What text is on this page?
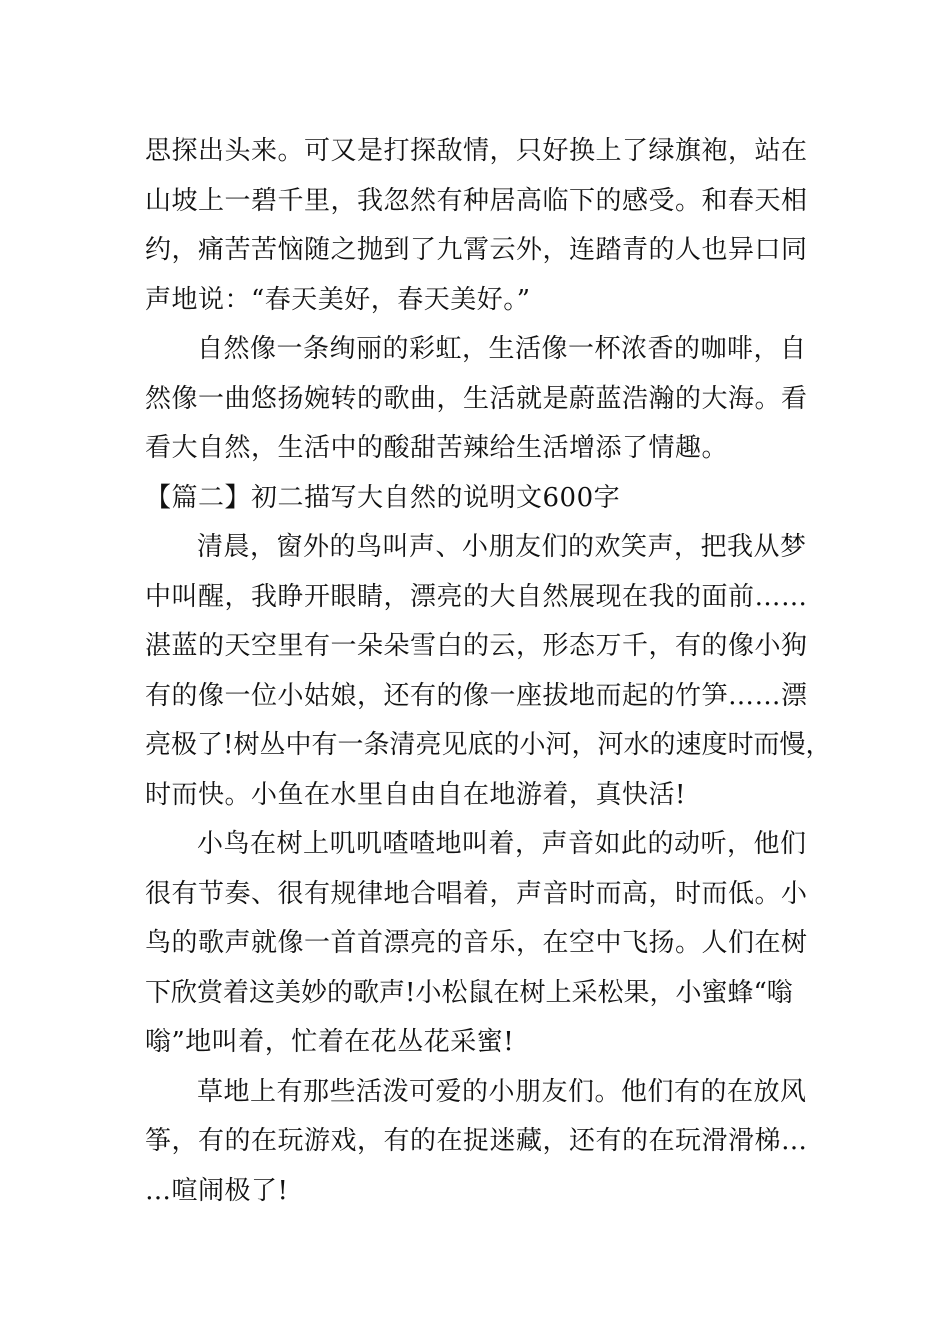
思探出头来。可又是打探敌情，只好换上了绿旗袍，站在
山坡上一碧千里，我忽然有种居高临下的感受。和春天相
约，痛苦苦恼随之抛到了九霄云外，连踏青的人也异口同
声地说：“春天美好，春天美好。”
自然像一条绚丽的彩虹，生活像一杯浓香的咖啡，自
然像一曲悠扬婉转的歌曲，生活就是蔚蓝浩瀚的大海。看
看大自然，生活中的酸甜苦辣给生活增添了情趣。
【篇二】初二描写大自然的说明文600字
清晨，窗外的鸟叫声、小朋友们的欢笑声，把我从梦
中叫醒，我睁开眼睛，漂亮的大自然展现在我的面前……
湛蓝的天空里有一朵朵雪白的云，形态万千，有的像小狗
有的像一位小姑娘，还有的像一座拔地而起的竹笋……漂
亮极了!树丛中有一条清亮见底的小河，河水的速度时而慢，
时而快。小鱼在水里自由自在地游着，真快活!
小鸟在树上叽叽喳喳地叫着，声音如此的动听，他们
很有节奏、很有规律地合唱着，声音时而高，时而低。小
鸟的歌声就像一首首漂亮的音乐，在空中飞扬。人们在树
下欣赏着这美妙的歌声!小松鼠在树上采松果，小蜜蜂“嗡
嗡”地叫着，忙着在花丛花采蜜!
草地上有那些活泼可爱的小朋友们。他们有的在放风
筝，有的在玩游戏，有的在捉迷藏，还有的在玩滑滑梯…
…喧闹极了!
